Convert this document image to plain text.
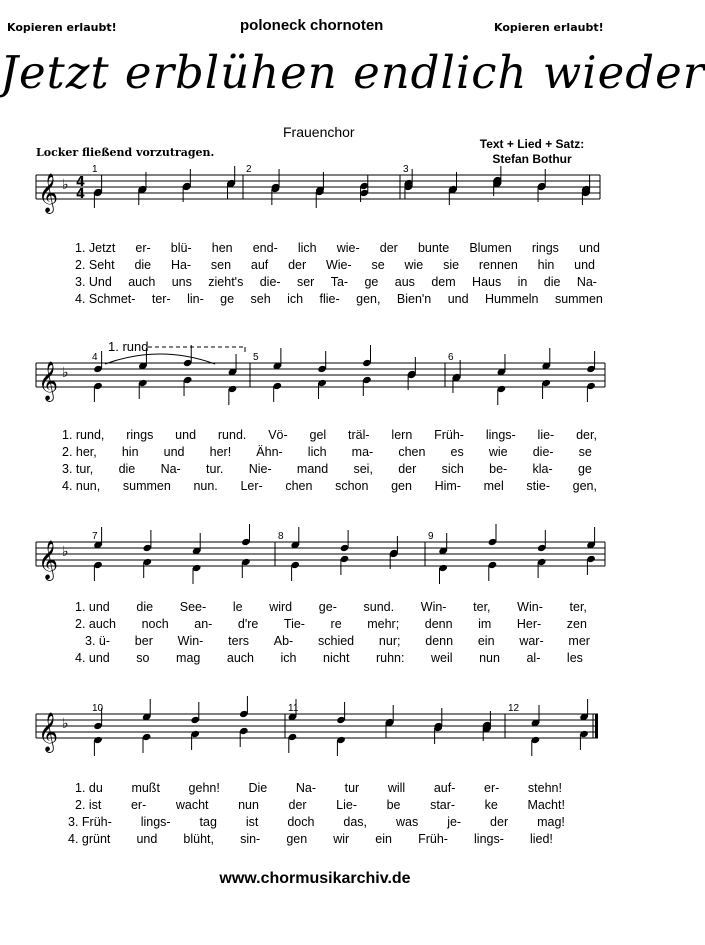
Kopieren erlaubt!	poloneck chornoten	Kopieren erlaubt!
Jetzt erblühen endlich wieder
Frauenchor
Text + Lied + Satz: Stefan Bothur
Locker fließend vorzutragen.
𝄞 ♭ 4
4
1	2	3
1. Jetzt er- blü- hen end- lich wie- der bunte Blumen rings und
2. Seht die Ha- sen auf der Wie- se wie sie rennen hin und
3. Und auch uns zieht's die- ser Ta- ge aus dem Haus in die Na-
4. Schmet- ter- lin- ge seh ich flie- gen, Bien'n und Hummeln summen
1. rund
𝄞 ♭
4	5	6
1. rund, rings und rund. Vö- gel träl- lern Früh- lings- lie- der,
2. her, hin und her! Ähn- lich ma- chen es wie die- se
3. tur, die Na- tur. Nie- mand sei, der sich be- kla- ge
4. nun, summen nun. Ler- chen schon gen Him- mel stie- gen,
𝄞 ♭
7	8	9
1. und die See- le wird ge- sund. Win- ter, Win- ter,
2. auch noch an- d're Tie- re mehr; denn im Her- zen
3. ü- ber Win- ters Ab- schied nur; denn ein war- mer
4. und so mag auch ich nicht ruhn: weil nun al- les
𝄞 ♭
10	11	12
1. du mußt gehn! Die Na- tur will auf- er- stehn!
2. ist er- wacht nun der Lie- be star- ke Macht!
3. Früh- lings- tag ist doch das, was je- der mag!
4. grünt und blüht, sin- gen wir ein Früh- lings- lied!
www.chormusikarchiv.de
